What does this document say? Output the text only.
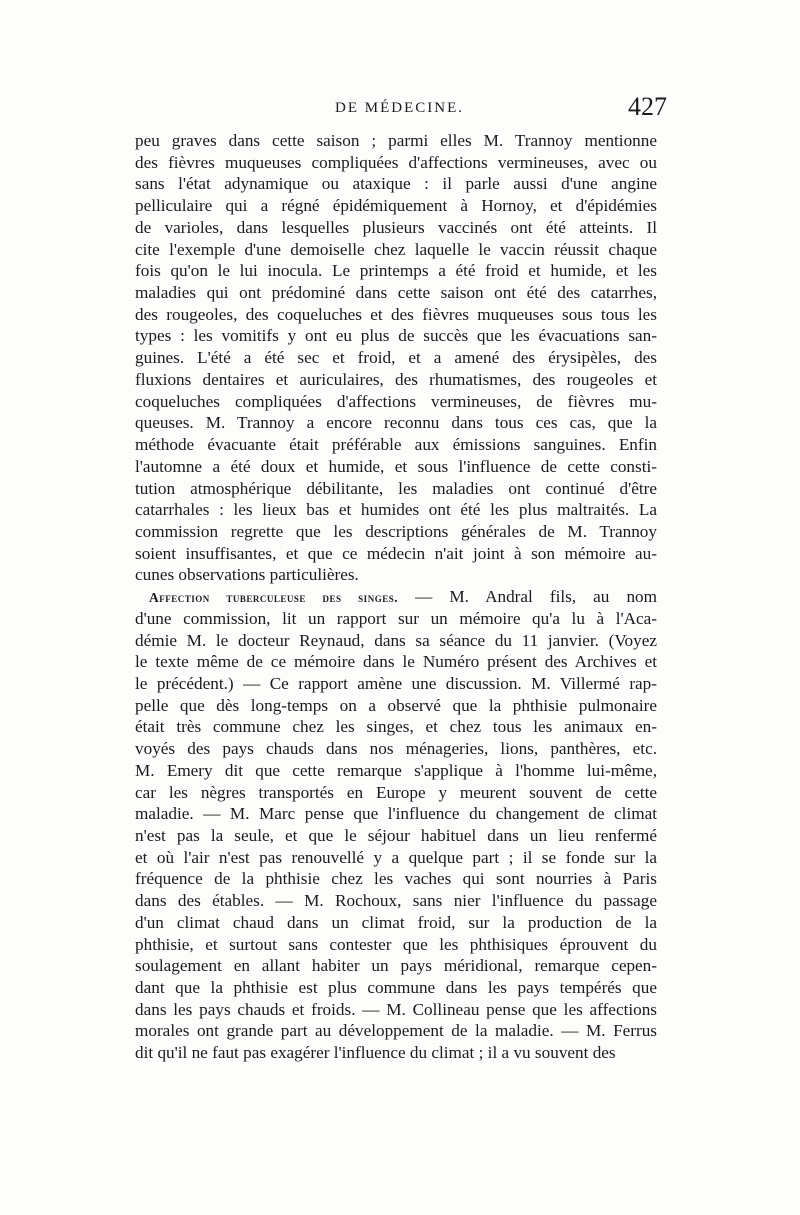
DE MÉDECINE.	427
peu graves dans cette saison ; parmi elles M. Trannoy mentionne
des fièvres muqueuses compliquées d'affections vermineuses, avec ou
sans l'état adynamique ou ataxique : il parle aussi d'une angine
pelliculaire qui a régné épidémiquement à Hornoy, et d'épidémies
de varioles, dans lesquelles plusieurs vaccinés ont été atteints. Il
cite l'exemple d'une demoiselle chez laquelle le vaccin réussit chaque
fois qu'on le lui inocula. Le printemps a été froid et humide, et les
maladies qui ont prédominé dans cette saison ont été des catarrhes,
des rougeoles, des coqueluches et des fièvres muqueuses sous tous les
types : les vomitifs y ont eu plus de succès que les évacuations san-
guines. L'été a été sec et froid, et a amené des érysipèles, des
fluxions dentaires et auriculaires, des rhumatismes, des rougeoles et
coqueluches compliquées d'affections vermineuses, de fièvres mu-
queuses. M. Trannoy a encore reconnu dans tous ces cas, que la
méthode évacuante était préférable aux émissions sanguines. Enfin
l'automne a été doux et humide, et sous l'influence de cette consti-
tution atmosphérique débilitante, les maladies ont continué d'être
catarrhales : les lieux bas et humides ont été les plus maltraités. La
commission regrette que les descriptions générales de M. Trannoy
soient insuffisantes, et que ce médecin n'ait joint à son mémoire au-
cunes observations particulières.
Affection tuberculeuse des singes. — M. Andral fils, au nom
d'une commission, lit un rapport sur un mémoire qu'a lu à l'Aca-
démie M. le docteur Reynaud, dans sa séance du 11 janvier. (Voyez
le texte même de ce mémoire dans le Numéro présent des Archives et
le précédent.) — Ce rapport amène une discussion. M. Villermé rap-
pelle que dès long-temps on a observé que la phthisie pulmonaire
était très commune chez les singes, et chez tous les animaux en-
voyés des pays chauds dans nos ménageries, lions, panthères, etc.
M. Emery dit que cette remarque s'applique à l'homme lui-même,
car les nègres transportés en Europe y meurent souvent de cette
maladie. — M. Marc pense que l'influence du changement de climat
n'est pas la seule, et que le séjour habituel dans un lieu renfermé
et où l'air n'est pas renouvellé y a quelque part ; il se fonde sur la
fréquence de la phthisie chez les vaches qui sont nourries à Paris
dans des étables. — M. Rochoux, sans nier l'influence du passage
d'un climat chaud dans un climat froid, sur la production de la
phthisie, et surtout sans contester que les phthisiques éprouvent du
soulagement en allant habiter un pays méridional, remarque cepen-
dant que la phthisie est plus commune dans les pays tempérés que
dans les pays chauds et froids. — M. Collineau pense que les affections
morales ont grande part au développement de la maladie. — M. Ferrus
dit qu'il ne faut pas exagérer l'influence du climat ; il a vu souvent des
